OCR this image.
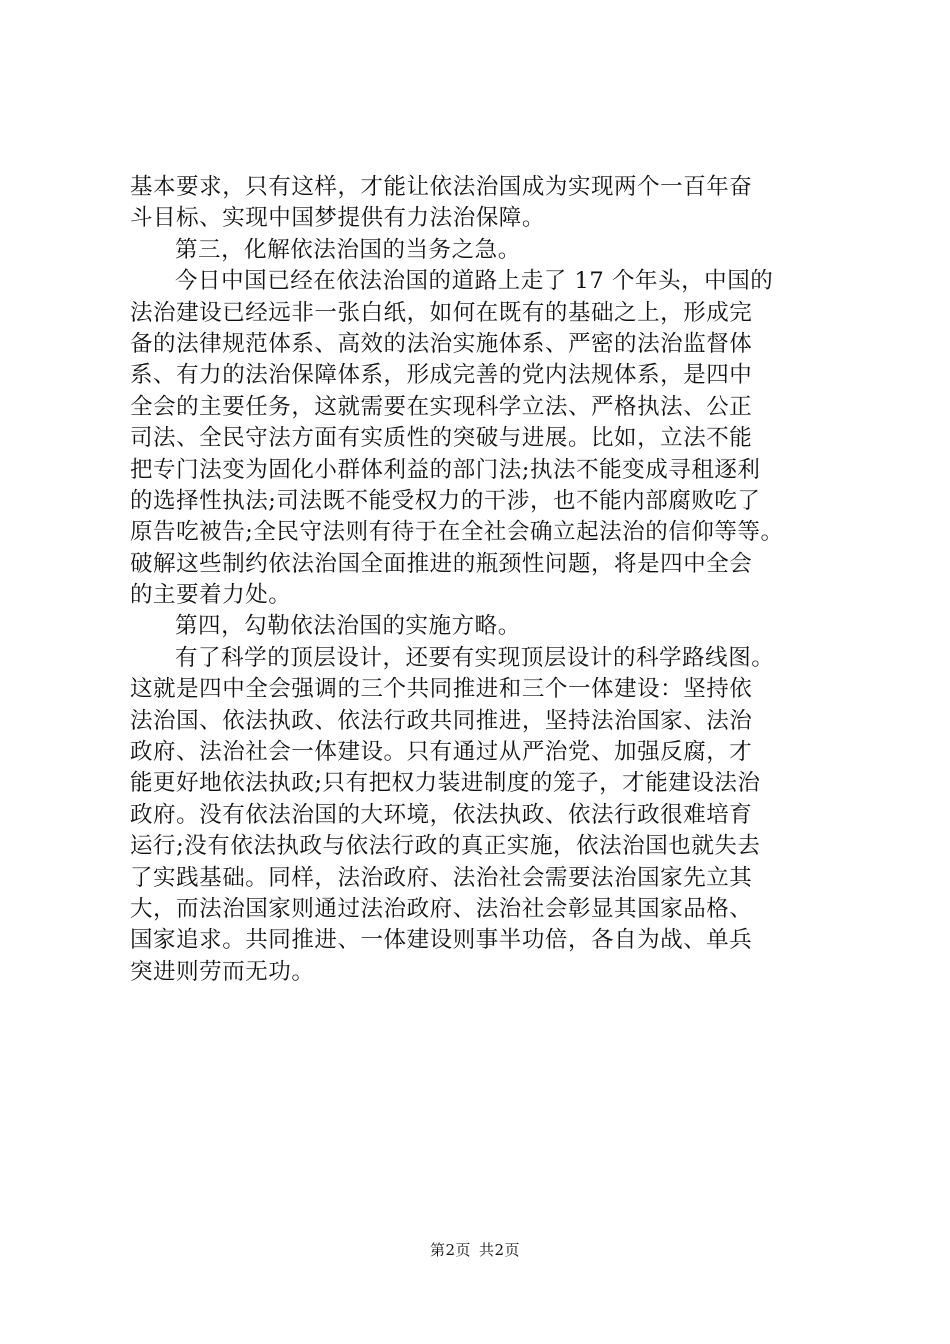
基本要求，只有这样，才能让依法治国成为实现两个一百年奋
斗目标、实现中国梦提供有力法治保障。
第三，化解依法治国的当务之急。
今日中国已经在依法治国的道路上走了 17 个年头，中国的
法治建设已经远非一张白纸，如何在既有的基础之上，形成完
备的法律规范体系、高效的法治实施体系、严密的法治监督体
系、有力的法治保障体系，形成完善的党内法规体系，是四中
全会的主要任务，这就需要在实现科学立法、严格执法、公正
司法、全民守法方面有实质性的突破与进展。比如，立法不能
把专门法变为固化小群体利益的部门法;执法不能变成寻租逐利
的选择性执法;司法既不能受权力的干涉，也不能内部腐败吃了
原告吃被告;全民守法则有待于在全社会确立起法治的信仰等等。
破解这些制约依法治国全面推进的瓶颈性问题，将是四中全会
的主要着力处。
第四，勾勒依法治国的实施方略。
有了科学的顶层设计，还要有实现顶层设计的科学路线图。
这就是四中全会强调的三个共同推进和三个一体建设：坚持依
法治国、依法执政、依法行政共同推进，坚持法治国家、法治
政府、法治社会一体建设。只有通过从严治党、加强反腐，才
能更好地依法执政;只有把权力装进制度的笼子，才能建设法治
政府。没有依法治国的大环境，依法执政、依法行政很难培育
运行;没有依法执政与依法行政的真正实施，依法治国也就失去
了实践基础。同样，法治政府、法治社会需要法治国家先立其
大，而法治国家则通过法治政府、法治社会彰显其国家品格、
国家追求。共同推进、一体建设则事半功倍，各自为战、单兵
突进则劳而无功。
第2页 共2页
